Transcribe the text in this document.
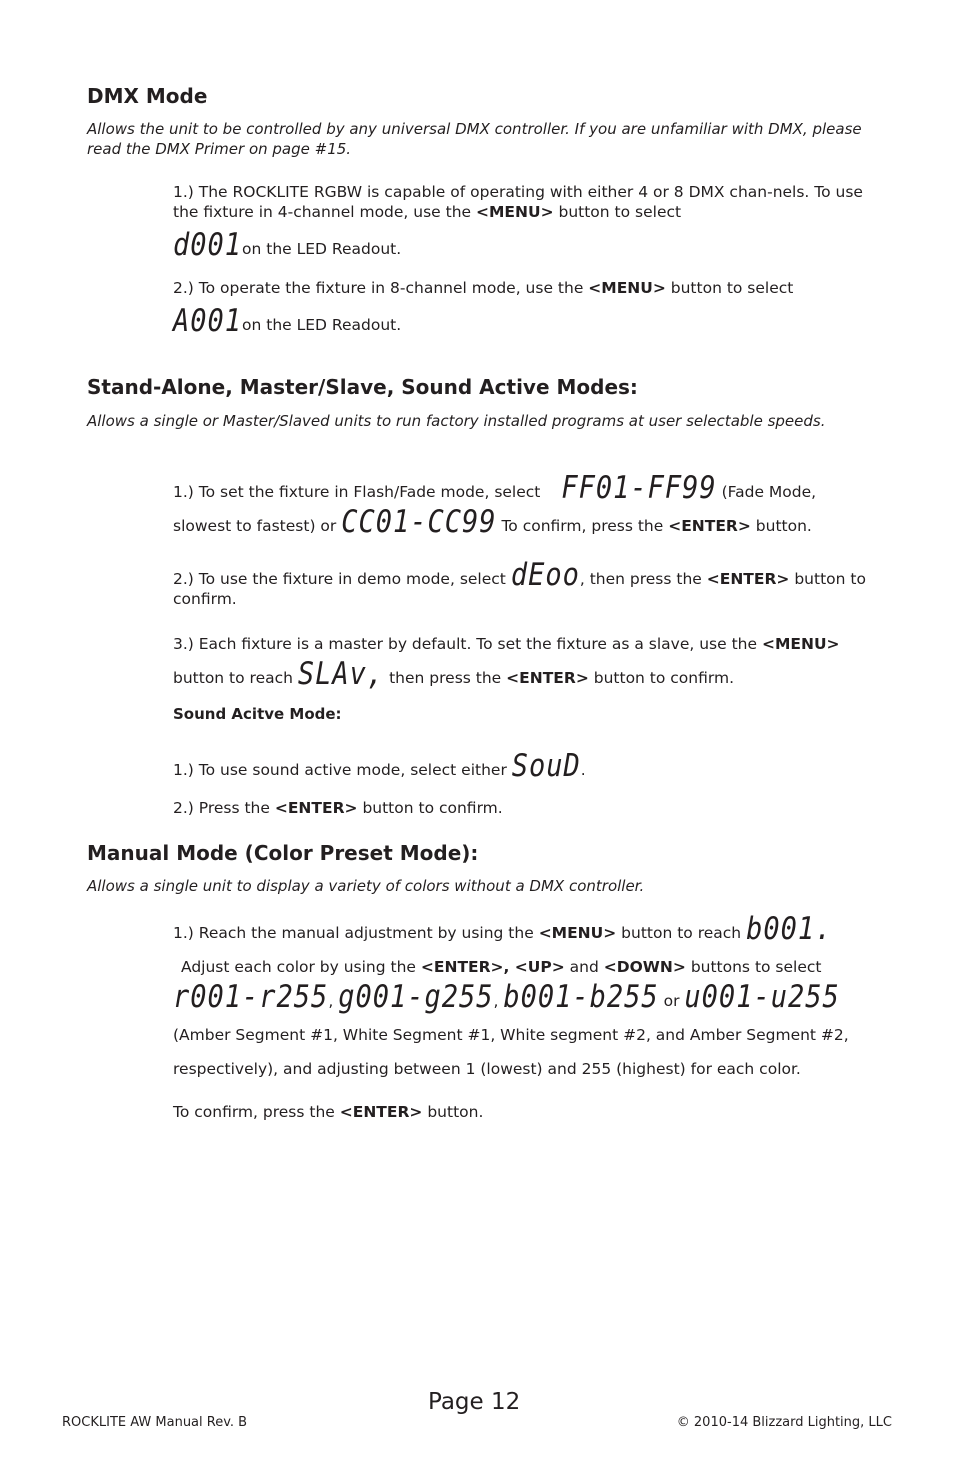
DMX Mode

Allows the unit to be controlled by any universal DMX controller. If you are unfamiliar with DMX, please read the DMX Primer on page #15.

1.) The ROCKLITE RGBW is capable of operating with either 4 or 8 DMX chan-nels. To use the fixture in 4-channel mode, use the <MENU> button to select
d001on the LED Readout.

2.) To operate the fixture in 8-channel mode, use the <MENU> button to select
A001on the LED Readout.

Stand-Alone, Master/Slave, Sound Active Modes:

Allows a single or Master/Slaved units to run factory installed programs at user selectable speeds.

1.) To set the fixture in Flash/Fade mode, select FF01-FF99 (Fade Mode, slowest to fastest) or CC01-CC99 To confirm, press the <ENTER> button.
2.) To use the fixture in demo mode, select dEoo, then press the <ENTER> button to confirm.
3.) Each fixture is a master by default. To set the fixture as a slave, use the <MENU> button to reach SLAv, then press the <ENTER> button to confirm.

Sound Acitve Mode:

1.) To use sound active mode, select either SouD.
2.) Press the <ENTER> button to confirm.
Manual Mode (Color Preset Mode):

Allows a single unit to display a variety of colors without a DMX controller.

1.) Reach the manual adjustment by using the <MENU> button to reach b001. Adjust each color by using the <ENTER>, <UP> and <DOWN> buttons to select r001-r255, g001-g255, b001-b255 or u001-u255 (Amber Segment #1, White Segment #1, White segment #2, and Amber Segment #2, respectively), and adjusting between 1 (lowest) and 255 (highest) for each color.
To confirm, press the <ENTER> button.

Page 12

ROCKLITE AW Manual Rev. B	© 2010-14 Blizzard Lighting, LLC
